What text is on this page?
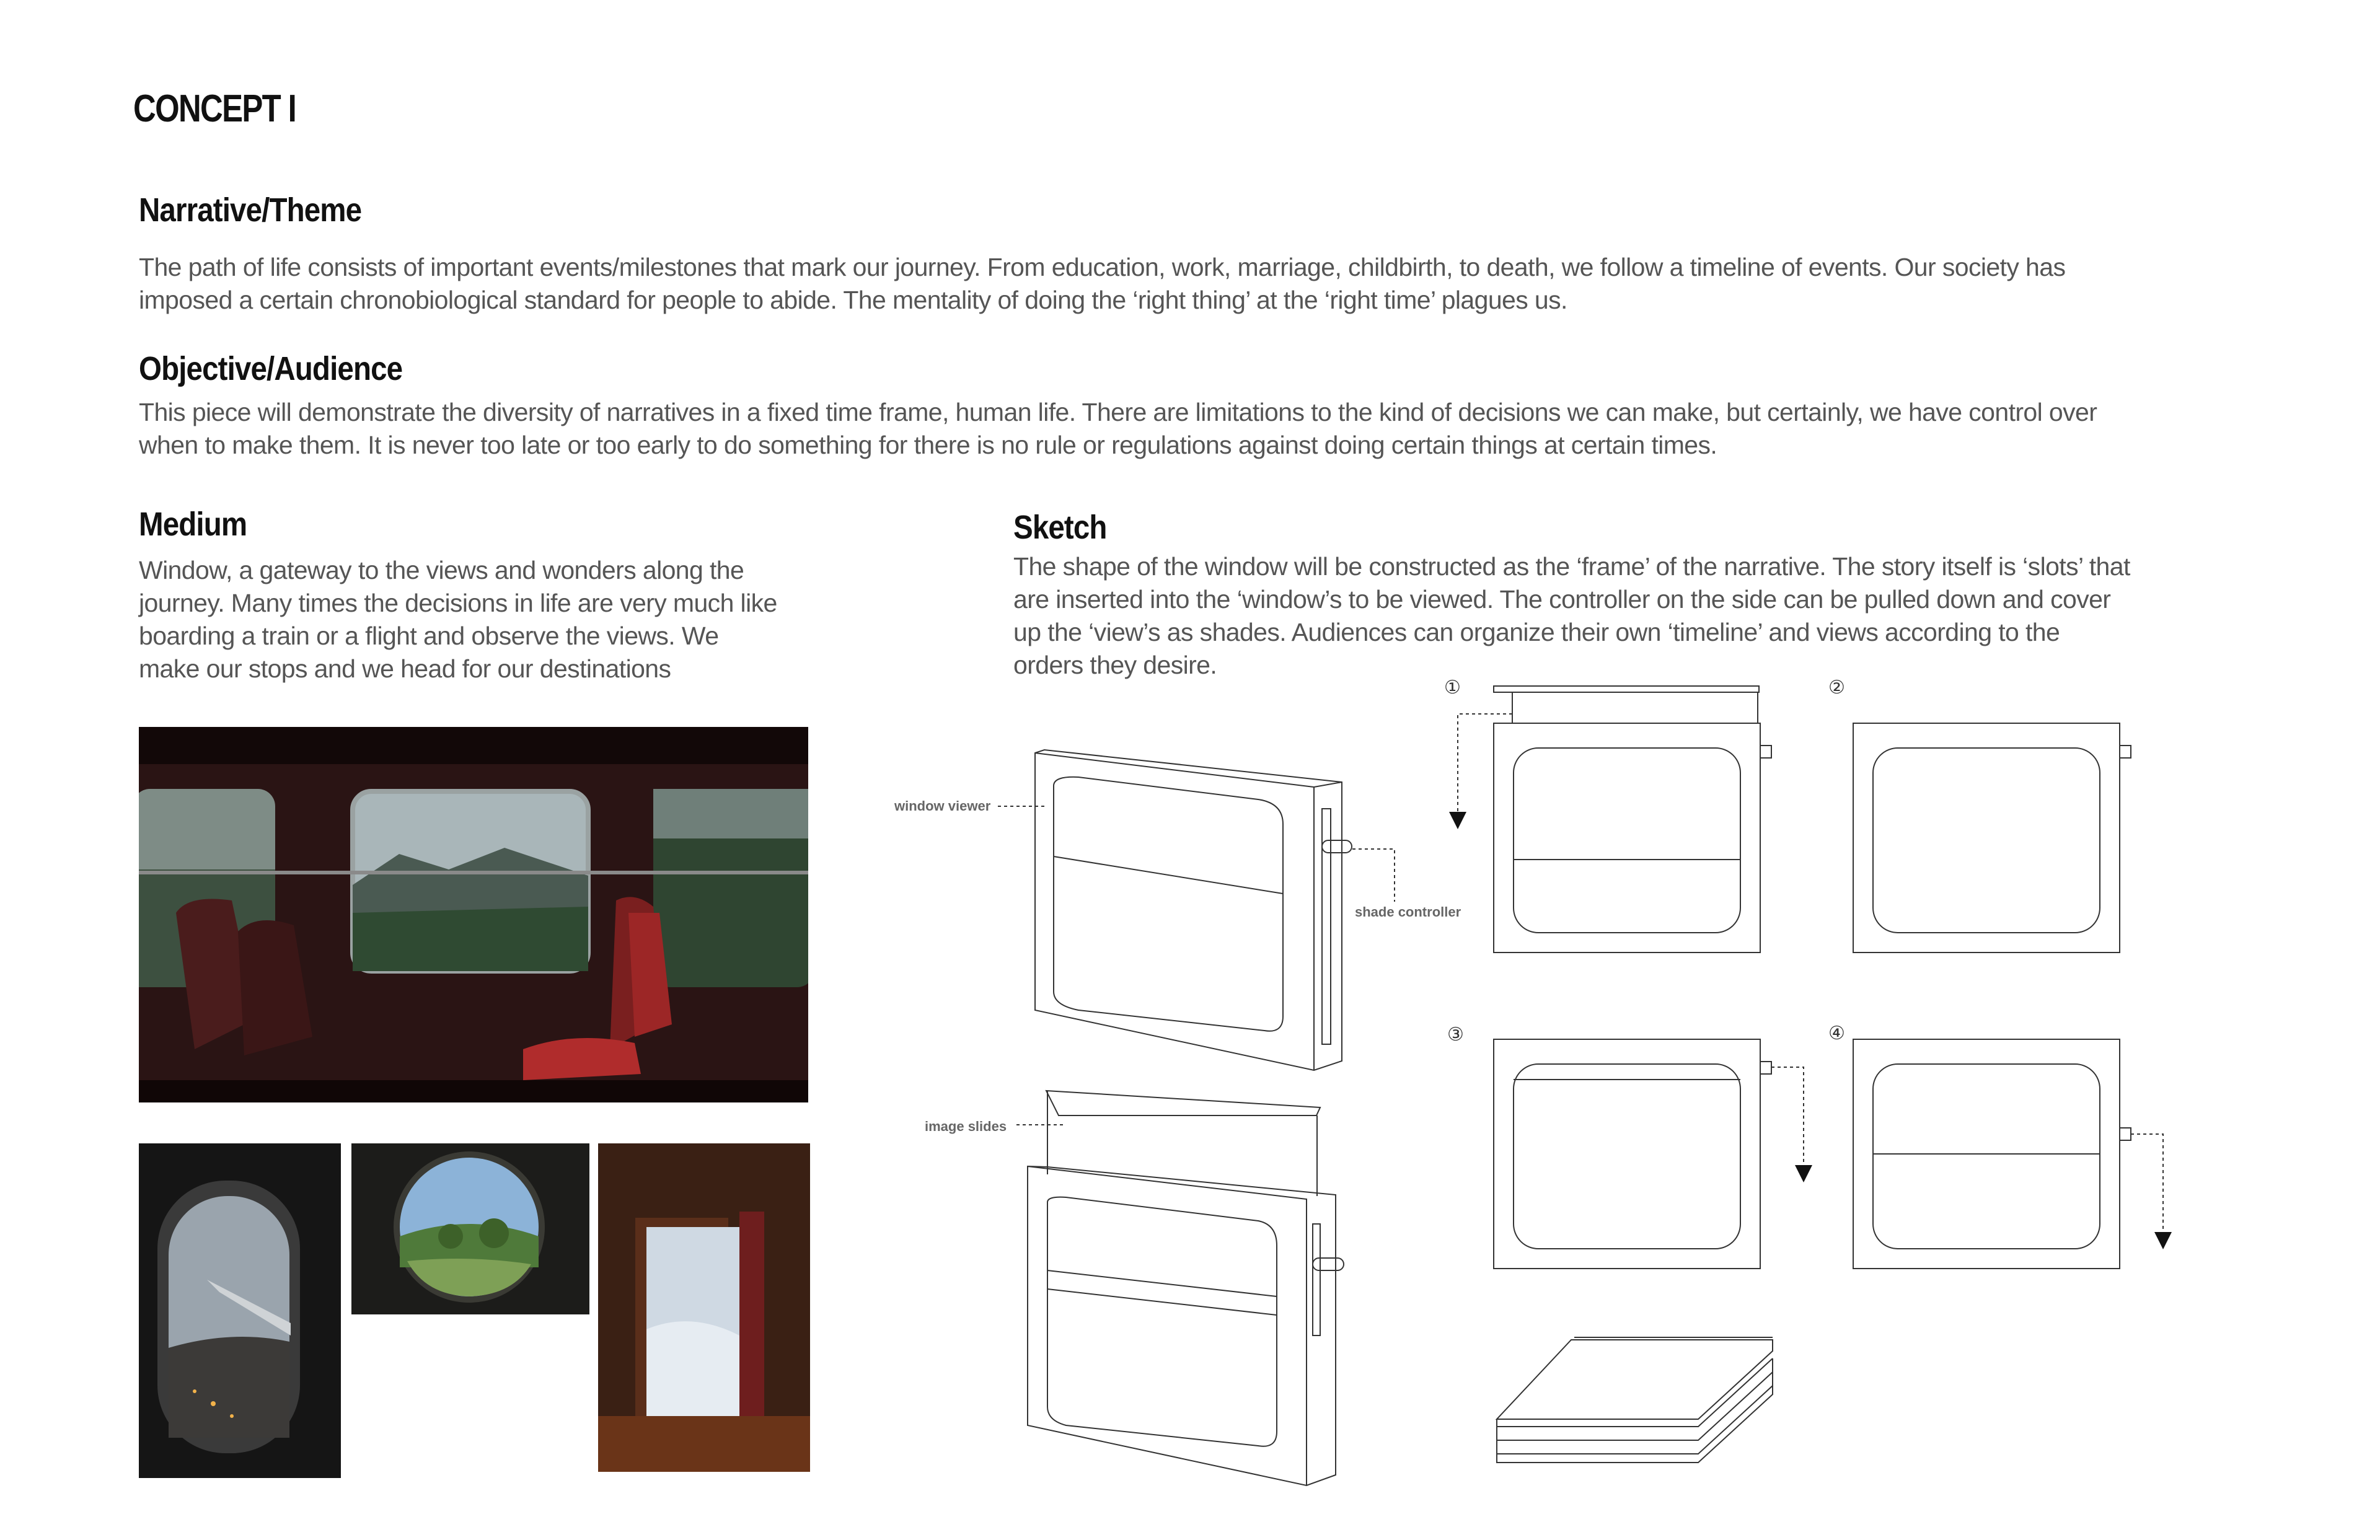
CONCEPT I
Narrative/Theme
The path of life consists of important events/milestones that mark our journey. From education, work, marriage, childbirth, to death, we follow a timeline of events. Our society has
imposed a certain chronobiological standard for people to abide. The mentality of doing the ‘right thing’ at the ‘right time’ plagues us.
Objective/Audience
This piece will demonstrate the diversity of narratives in a fixed time frame, human life. There are limitations to the kind of decisions we can make, but certainly, we have control over
when to make them. It is never too late or too early to do something for there is no rule or regulations against doing certain things at certain times.
Medium
Window, a gateway to the views and wonders along the
journey. Many times the decisions in life are very much like
boarding a train or a flight and observe the views. We
make our stops and we head for our destinations
Sketch
The shape of the window will be constructed as the ‘frame’ of the narrative. The story itself is ‘slots’ that
are inserted into the ‘window’s to be viewed. The controller on the side can be pulled down and cover
up the ‘view’s as shades. Audiences can organize their own ‘timeline’ and views according to the
orders they desire.
①	②
③	④
window viewer
shade controller
image slides
